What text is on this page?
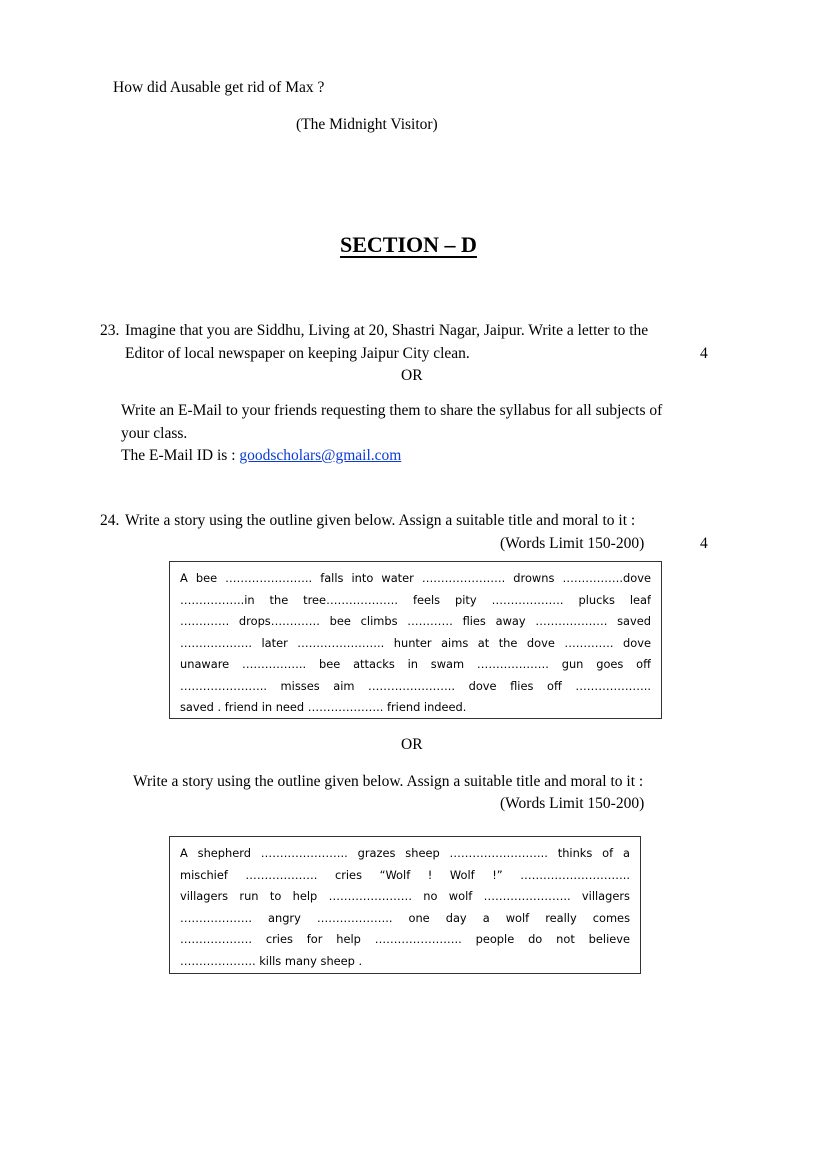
How did Ausable get rid of Max ?
(The Midnight Visitor)
SECTION – D
23. Imagine that you are Siddhu, Living at 20, Shastri Nagar, Jaipur. Write a letter to the
Editor of local newspaper on keeping Jaipur City clean.	4
OR
Write an E-Mail to your friends requesting them to share the syllabus for all subjects of
your class.
The E-Mail ID is : goodscholars@gmail.com
24. Write a story using the outline given below. Assign a suitable title and moral to it :
(Words Limit 150-200)	4
A bee ………………….. falls into water …………………. drowns …………….dove
……………..in the tree………………. feels pity ………………. plucks leaf
…………. drops…………. bee climbs ………… flies away ………………. saved
………………. later ………………….. hunter aims at the dove …………. dove
unaware …………….. bee attacks in swam ………………. gun goes off
………………….. misses aim ………………….. dove flies off ………………..
saved . friend in need ……………….. friend indeed.
OR
Write a story using the outline given below. Assign a suitable title and moral to it :
(Words Limit 150-200)
A shepherd ………………….. grazes sheep …………………….. thinks of a
mischief ………………. cries “Wolf ! Wolf !” ………………………..
villagers run to help …………………. no wolf ………………….. villagers
………………. angry ……………….. one day a wolf really comes
………………. cries for help ………………….. people do not believe
……………….. kills many sheep .
